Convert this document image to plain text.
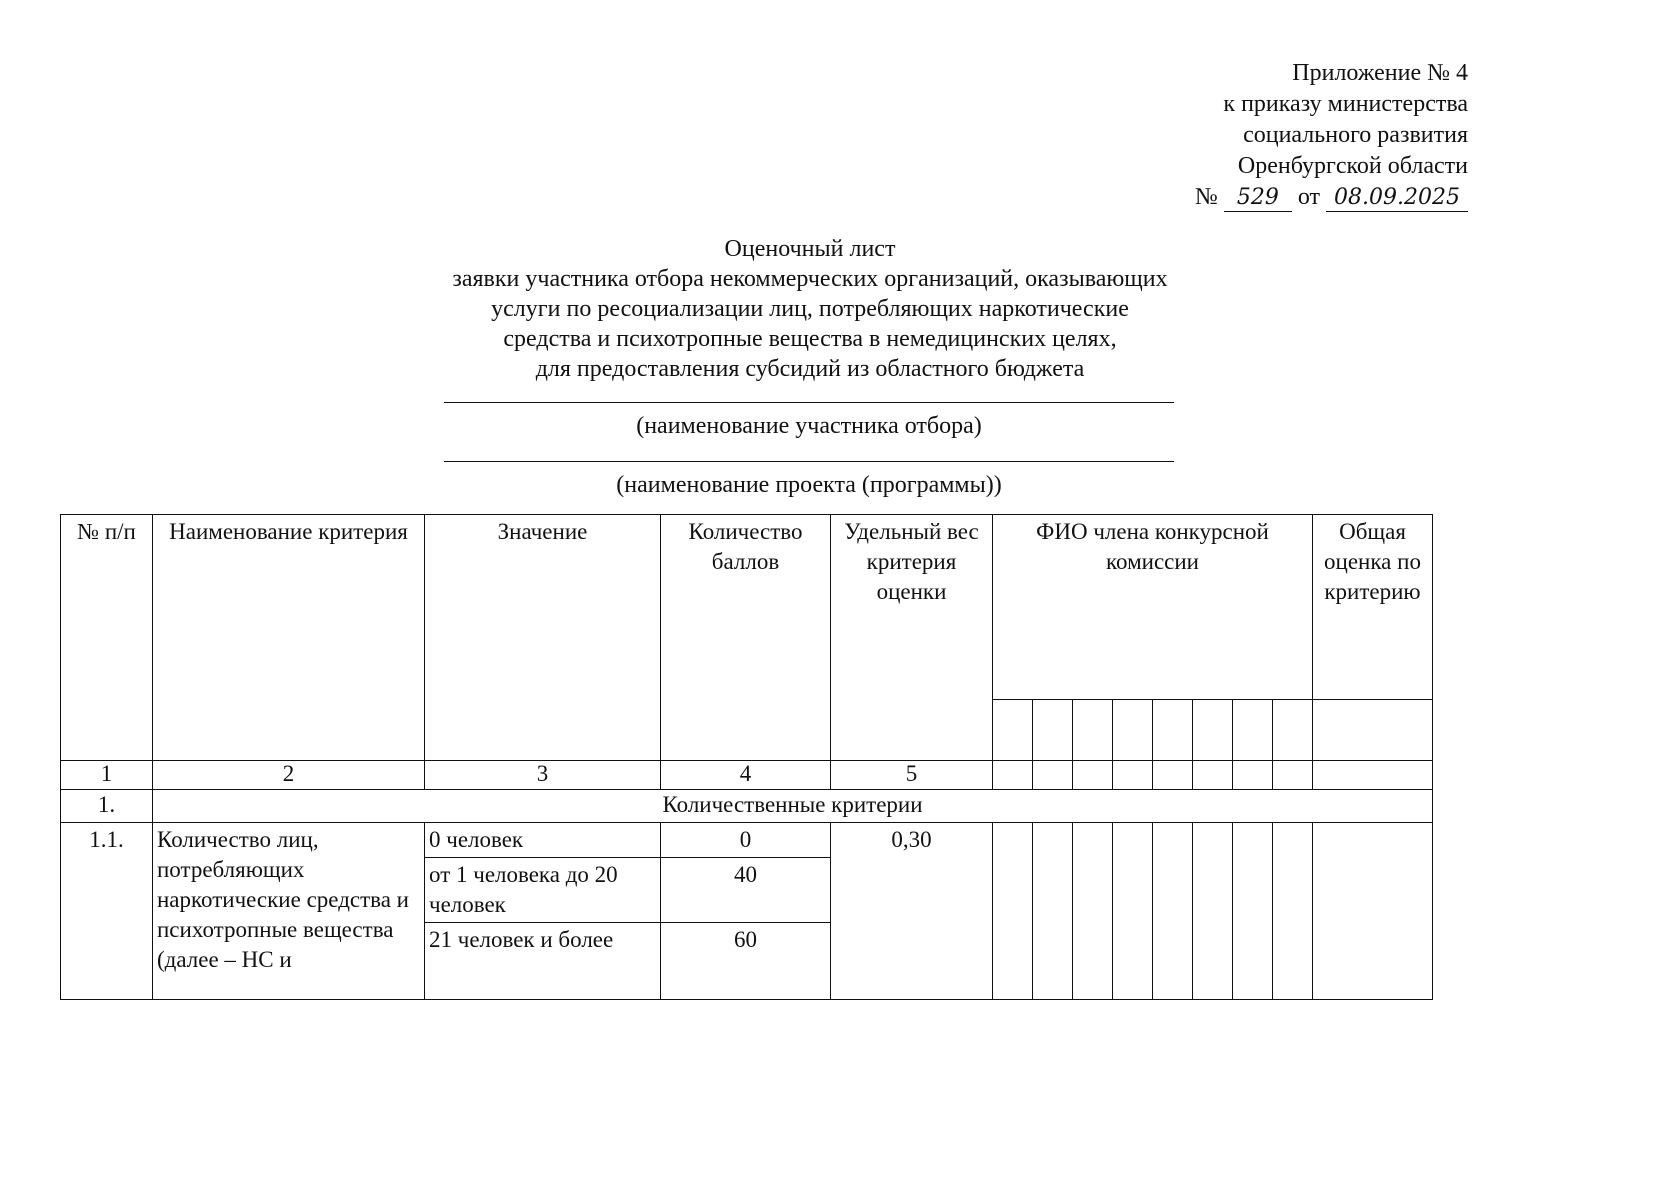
Приложение № 4
к приказу министерства
социального развития
Оренбургской области
№ 529 от 08.09.2025
Оценочный лист
заявки участника отбора некоммерческих организаций, оказывающих
услуги по ресоциализации лиц, потребляющих наркотические
средства и психотропные вещества в немедицинских целях,
для предоставления субсидий из областного бюджета
(наименование участника отбора)
(наименование проекта (программы))
№ п/п	Наименование критерия	Значение	Количество баллов	Удельный вес критерия оценки	ФИО члена конкурсной комиссии								Общая оценка по критерию

1	2	3	4	5									
1.	Количественные критерии												
1.1.	Количество лиц, потребляющих наркотические средства и психотропные вещества (далее – НС и	0 человек	0	0,30									
		от 1 человека до 20 человек	40										
		21 человек и более	60										
